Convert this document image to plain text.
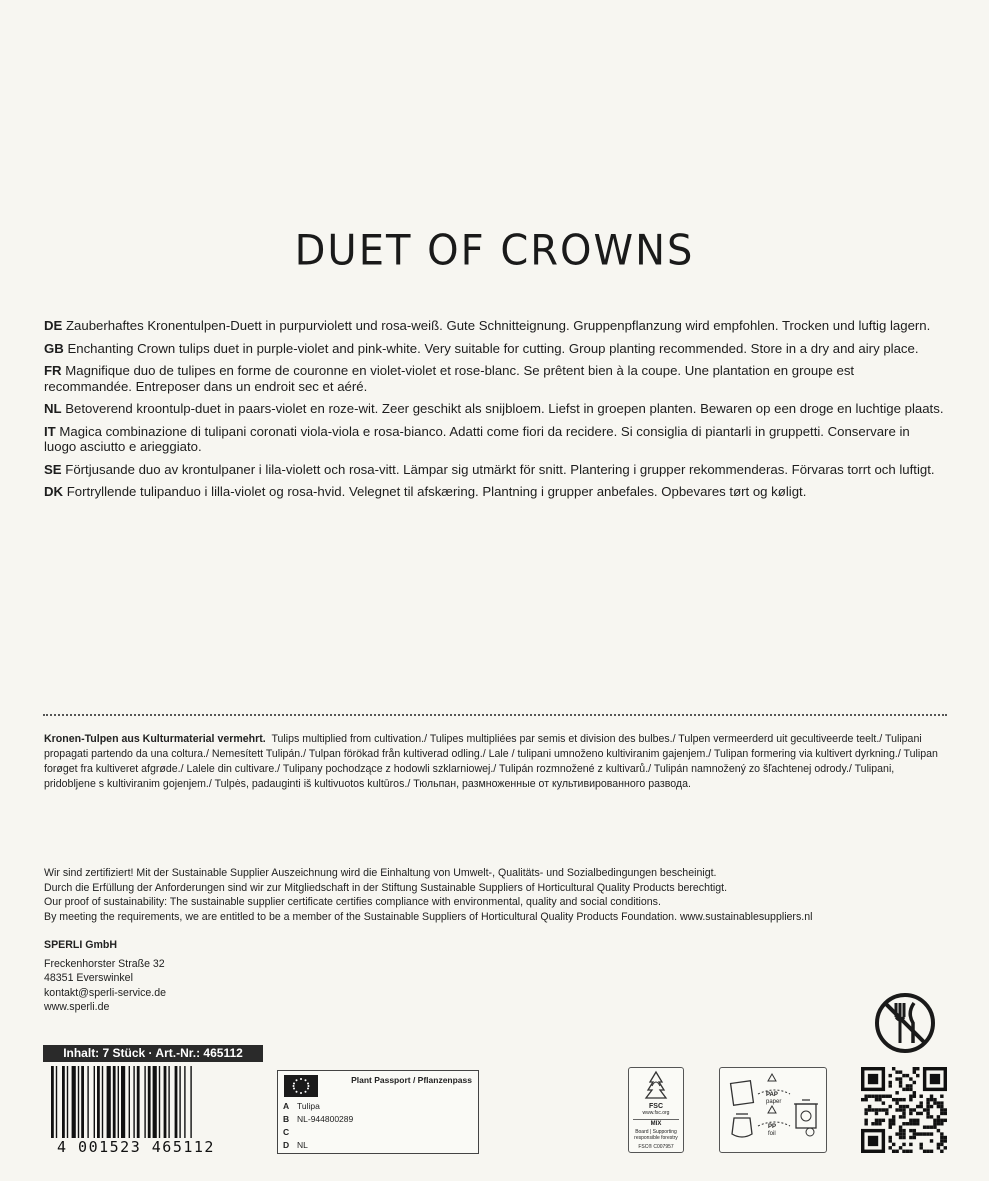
DUET OF CROWNS

DE Zauberhaftes Kronentulpen-Duett in purpurviolett und rosa-weiß. Gute Schnitteignung. Gruppenpflanzung wird empfohlen. Trocken und luftig lagern.

GB Enchanting Crown tulips duet in purple-violet and pink-white. Very suitable for cutting. Group planting recommended. Store in a dry and airy place.

FR Magnifique duo de tulipes en forme de couronne en violet-violet et rose-blanc. Se prêtent bien à la coupe. Une plantation en groupe est recommandée. Entreposer dans un endroit sec et aéré.

NL Betoverend kroontulp-duet in paars-violet en roze-wit. Zeer geschikt als snijbloem. Liefst in groepen planten. Bewaren op een droge en luchtige plaats.

IT Magica combinazione di tulipani coronati viola-viola e rosa-bianco. Adatti come fiori da recidere. Si consiglia di piantarli in gruppetti. Conservare in luogo asciutto e arieggiato.

SE Förtjusande duo av krontulpaner i lila-violett och rosa-vitt. Lämpar sig utmärkt för snitt. Plantering i grupper rekommenderas. Förvaras torrt och luftigt.

DK Fortryllende tulipanduo i lilla-violet og rosa-hvid. Velegnet til afskæring. Plantning i grupper anbefales. Opbevares tørt og køligt.

Kronen-Tulpen aus Kulturmaterial vermehrt. Tulips multiplied from cultivation./ Tulipes multipliées par semis et division des bulbes./ Tulpen vermeerderd uit gecultiveerde teelt./ Tulipani propagati partendo da una coltura./ Nemesített Tulipán./ Tulpan förökad från kultiverad odling./ Lale / tulipani umnoženo kultiviranim gajenjem./ Tulipan formering via kultivert dyrkning./ Tulipan forøget fra kultiveret afgrøde./ Lalele din cultivare./ Tulipany pochodzące z hodowli szklarniowej./ Tulipán rozmnožené z kultivarů./ Tulipán namnožený zo šľachtenej odrody./ Tulipani, pridobljene s kultiviranim gojenjem./ Tulpės, padauginti iš kultivuotos kultūros./ Тюльпан, размноженные от культивированного развода.
Wir sind zertifiziert! Mit der Sustainable Supplier Auszeichnung wird die Einhaltung von Umwelt-, Qualitäts- und Sozialbedingungen bescheinigt.
Durch die Erfüllung der Anforderungen sind wir zur Mitgliedschaft in der Stiftung Sustainable Suppliers of Horticultural Quality Products berechtigt.
Our proof of sustainability: The sustainable supplier certificate certifies compliance with environmental, quality and social conditions.
By meeting the requirements, we are entitled to be a member of the Sustainable Suppliers of Horticultural Quality Products Foundation. www.sustainablesuppliers.nl
SPERLI GmbH
Freckenhorster Straße 32
48351 Everswinkel
kontakt@sperli-service.de
www.sperli.de
Inhalt: 7 Stück · Art.-Nr.: 465112
4 001523 465112
Plant Passport / Pflanzenpass
A Tulipa
B NL-944800289
C
D NL
FSC
www.fsc.org
MIX
Board | Supporting responsible forestry
FSC® C007957
PAP
paper
PP
foil
